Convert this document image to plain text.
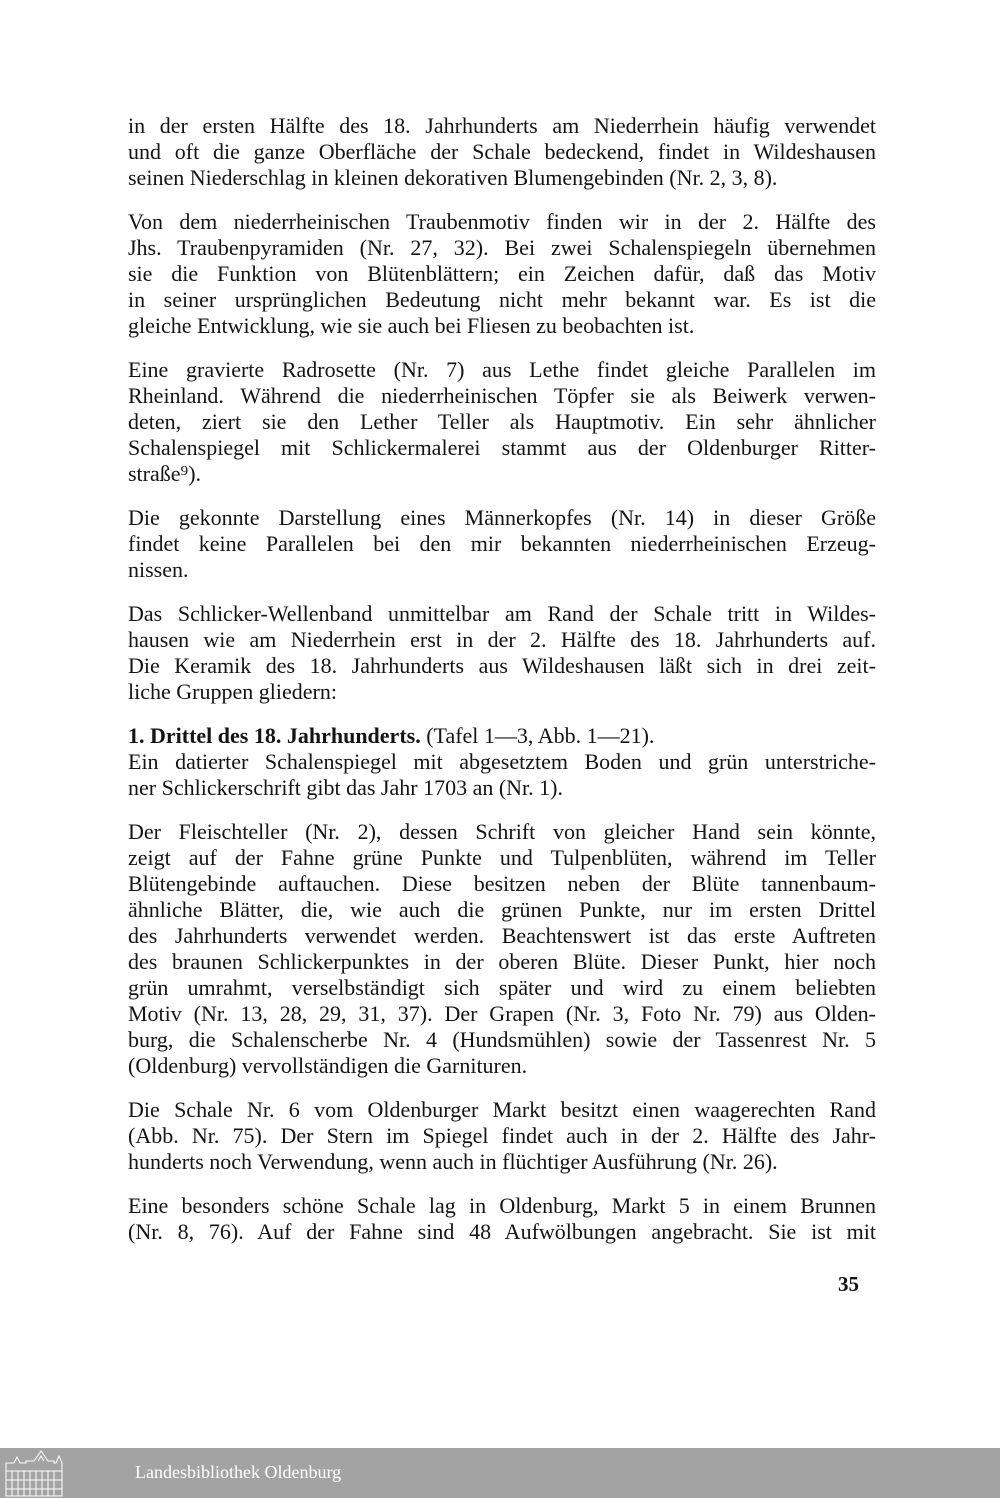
in der ersten Hälfte des 18. Jahrhunderts am Niederrhein häufig verwendet
und oft die ganze Oberfläche der Schale bedeckend, findet in Wildeshausen
seinen Niederschlag in kleinen dekorativen Blumengebinden (Nr. 2, 3, 8).
Von dem niederrheinischen Traubenmotiv finden wir in der 2. Hälfte des
Jhs. Traubenpyramiden (Nr. 27, 32). Bei zwei Schalenspiegeln übernehmen
sie die Funktion von Blütenblättern; ein Zeichen dafür, daß das Motiv
in seiner ursprünglichen Bedeutung nicht mehr bekannt war. Es ist die
gleiche Entwicklung, wie sie auch bei Fliesen zu beobachten ist.
Eine gravierte Radrosette (Nr. 7) aus Lethe findet gleiche Parallelen im
Rheinland. Während die niederrheinischen Töpfer sie als Beiwerk verwen-
deten, ziert sie den Lether Teller als Hauptmotiv. Ein sehr ähnlicher
Schalenspiegel mit Schlickermalerei stammt aus der Oldenburger Ritter-
straße⁹).
Die gekonnte Darstellung eines Männerkopfes (Nr. 14) in dieser Größe
findet keine Parallelen bei den mir bekannten niederrheinischen Erzeug-
nissen.
Das Schlicker-Wellenband unmittelbar am Rand der Schale tritt in Wildes-
hausen wie am Niederrhein erst in der 2. Hälfte des 18. Jahrhunderts auf.
Die Keramik des 18. Jahrhunderts aus Wildeshausen läßt sich in drei zeit-
liche Gruppen gliedern:
1. Drittel des 18. Jahrhunderts. (Tafel 1—3, Abb. 1—21).
Ein datierter Schalenspiegel mit abgesetztem Boden und grün unterstriche-
ner Schlickerschrift gibt das Jahr 1703 an (Nr. 1).
Der Fleischteller (Nr. 2), dessen Schrift von gleicher Hand sein könnte,
zeigt auf der Fahne grüne Punkte und Tulpenblüten, während im Teller
Blütengebinde auftauchen. Diese besitzen neben der Blüte tannenbaum-
ähnliche Blätter, die, wie auch die grünen Punkte, nur im ersten Drittel
des Jahrhunderts verwendet werden. Beachtenswert ist das erste Auftreten
des braunen Schlickerpunktes in der oberen Blüte. Dieser Punkt, hier noch
grün umrahmt, verselbständigt sich später und wird zu einem beliebten
Motiv (Nr. 13, 28, 29, 31, 37). Der Grapen (Nr. 3, Foto Nr. 79) aus Olden-
burg, die Schalenscherbe Nr. 4 (Hundsmühlen) sowie der Tassenrest Nr. 5
(Oldenburg) vervollständigen die Garnituren.
Die Schale Nr. 6 vom Oldenburger Markt besitzt einen waagerechten Rand
(Abb. Nr. 75). Der Stern im Spiegel findet auch in der 2. Hälfte des Jahr-
hunderts noch Verwendung, wenn auch in flüchtiger Ausführung (Nr. 26).
Eine besonders schöne Schale lag in Oldenburg, Markt 5 in einem Brunnen
(Nr. 8, 76). Auf der Fahne sind 48 Aufwölbungen angebracht. Sie ist mit
35
Landesbibliothek Oldenburg
